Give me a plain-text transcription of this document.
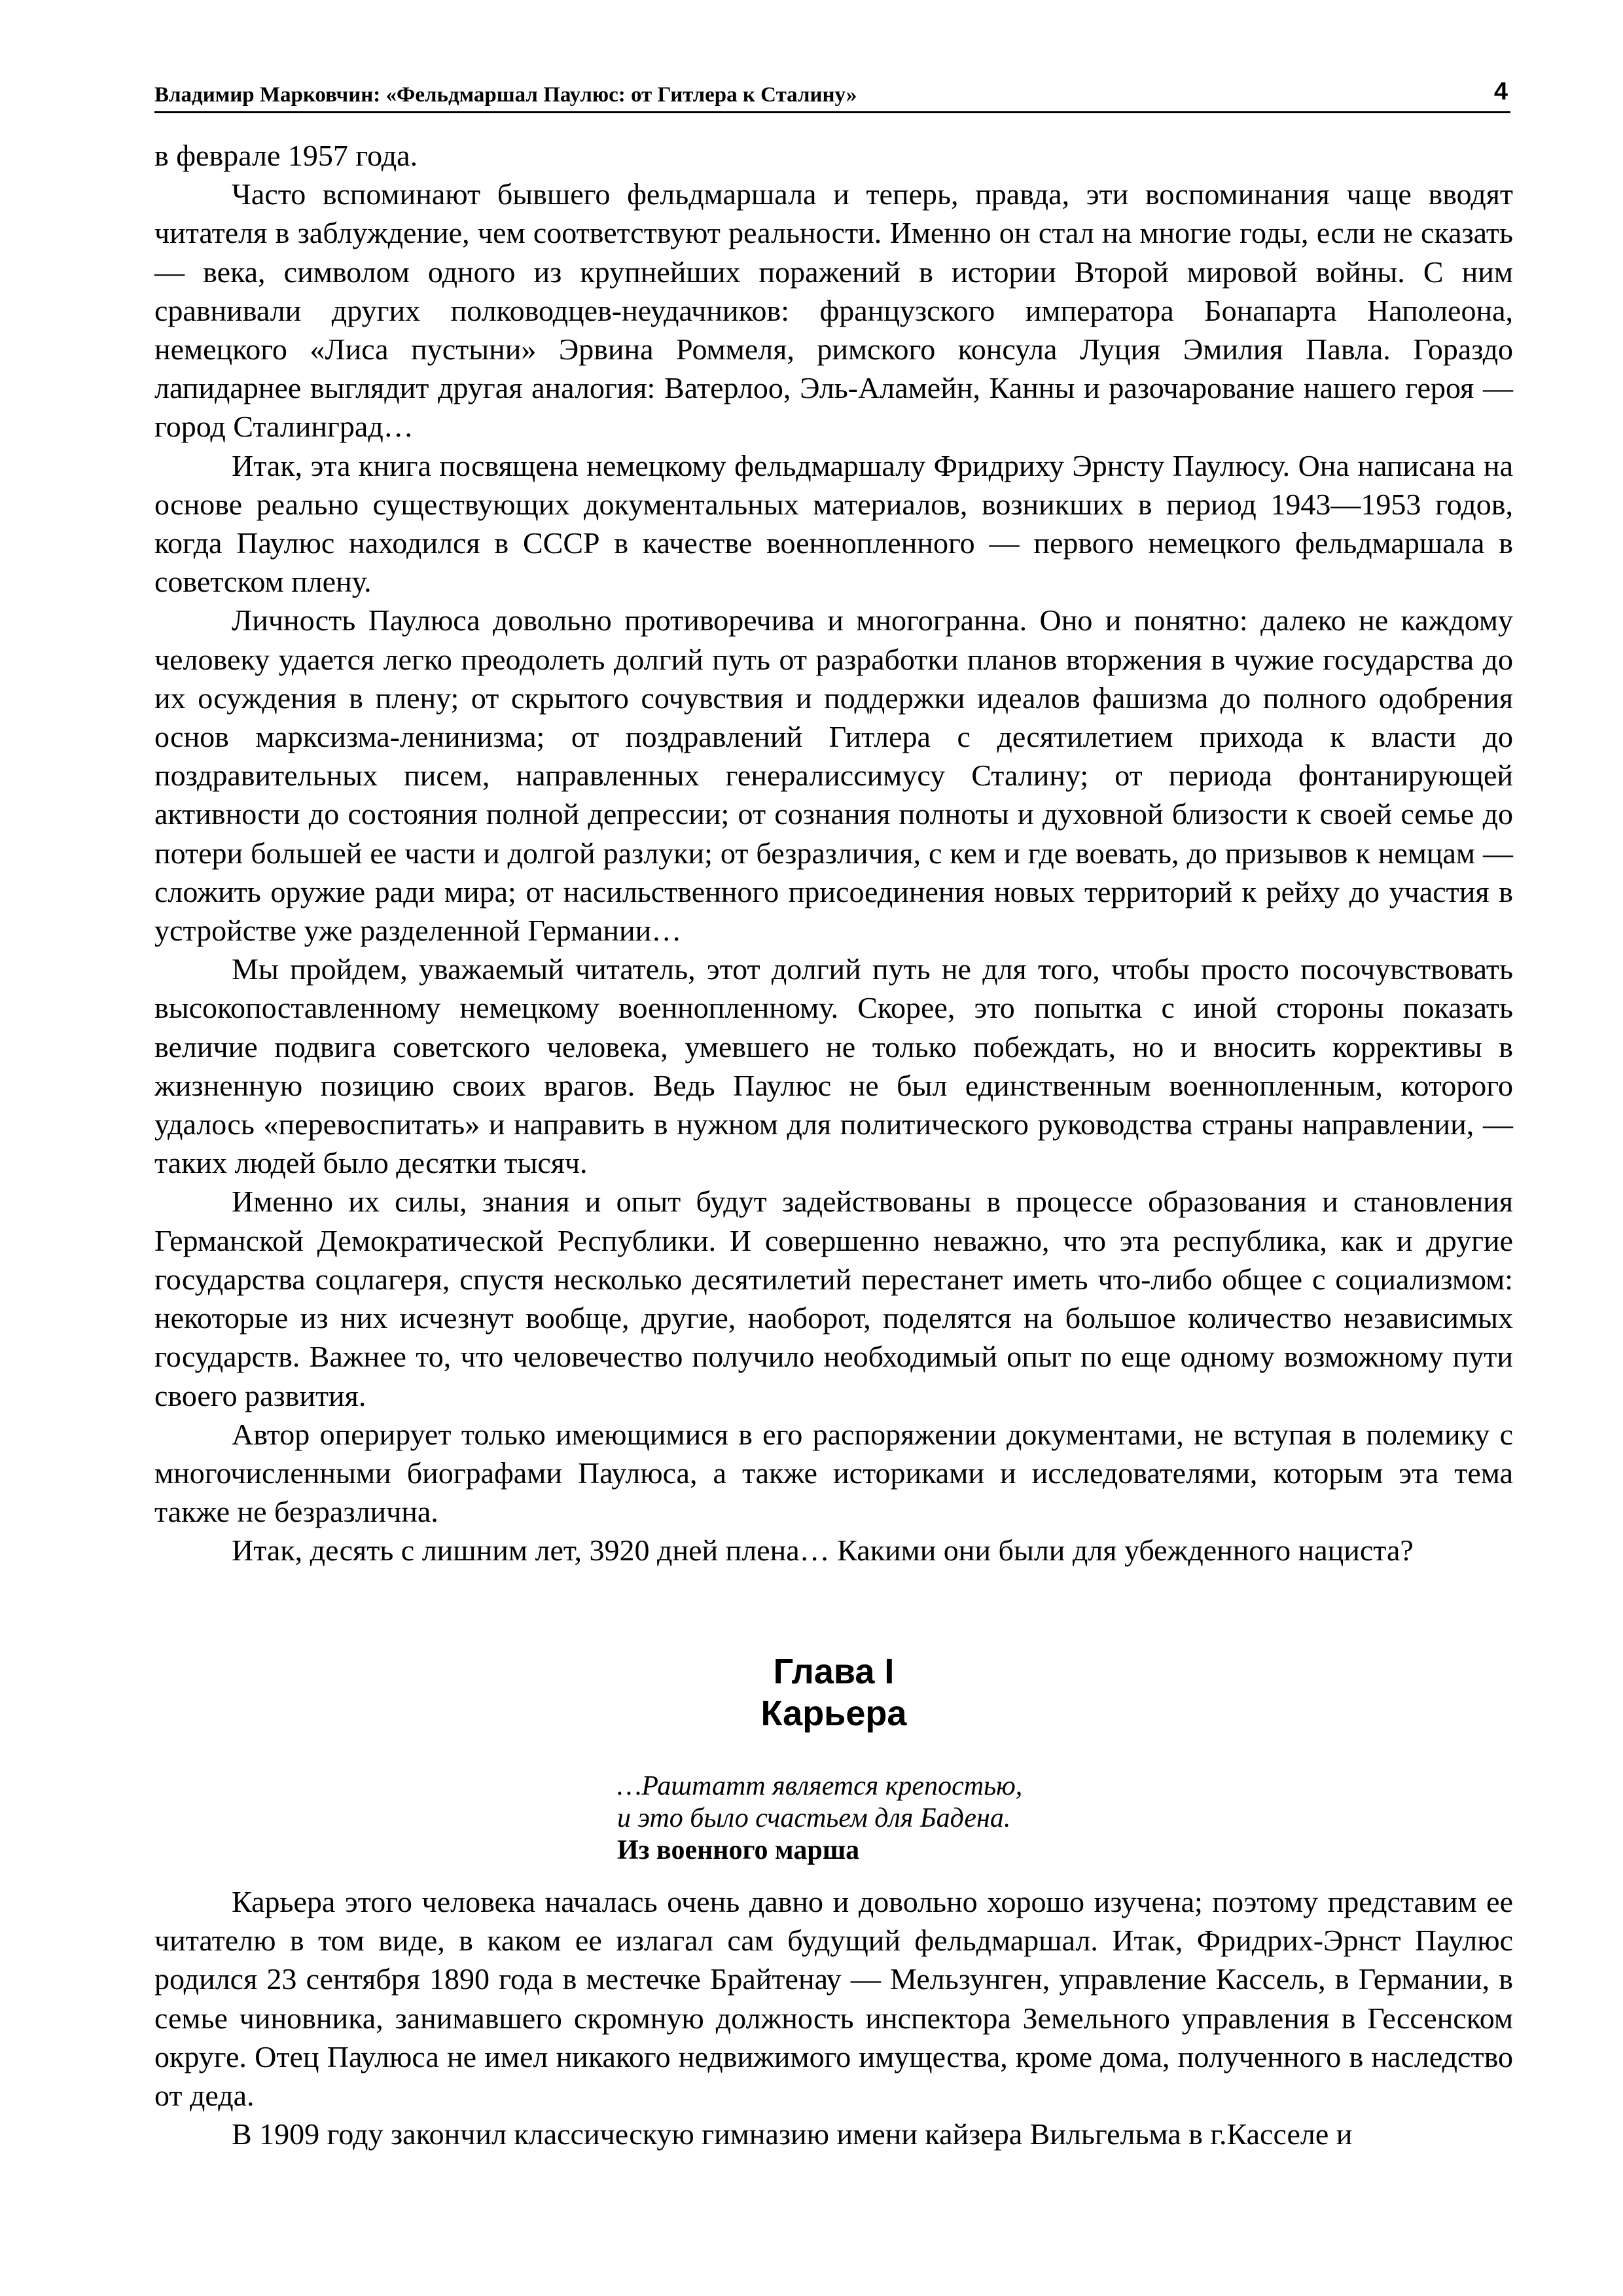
Владимир Марковчин: «Фельдмаршал Паулюс: от Гитлера к Сталину»	4

в феврале 1957 года.

Часто вспоминают бывшего фельдмаршала и теперь, правда, эти воспоминания чаще вводят читателя в заблуждение, чем соответствуют реальности. Именно он стал на многие годы, если не сказать — века, символом одного из крупнейших поражений в истории Второй мировой войны. С ним сравнивали других полководцев-неудачников: французского императора Бонапарта Наполеона, немецкого «Лиса пустыни» Эрвина Роммеля, римского консула Луция Эмилия Павла. Гораздо лапидарнее выглядит другая аналогия: Ватерлоо, Эль-Аламейн, Канны и разочарование нашего героя — город Сталинград…

Итак, эта книга посвящена немецкому фельдмаршалу Фридриху Эрнсту Паулюсу. Она написана на основе реально существующих документальных материалов, возникших в период 1943—1953 годов, когда Паулюс находился в СССР в качестве военнопленного — первого немецкого фельдмаршала в советском плену.

Личность Паулюса довольно противоречива и многогранна. Оно и понятно: далеко не каждому человеку удается легко преодолеть долгий путь от разработки планов вторжения в чужие государства до их осуждения в плену; от скрытого сочувствия и поддержки идеалов фашизма до полного одобрения основ марксизма-ленинизма; от поздравлений Гитлера с десятилетием прихода к власти до поздравительных писем, направленных генералиссимусу Сталину; от периода фонтанирующей активности до состояния полной депрессии; от сознания полноты и духовной близости к своей семье до потери большей ее части и долгой разлуки; от безразличия, с кем и где воевать, до призывов к немцам — сложить оружие ради мира; от насильственного присоединения новых территорий к рейху до участия в устройстве уже разделенной Германии…

Мы пройдем, уважаемый читатель, этот долгий путь не для того, чтобы просто посочувствовать высокопоставленному немецкому военнопленному. Скорее, это попытка с иной стороны показать величие подвига советского человека, умевшего не только побеждать, но и вносить коррективы в жизненную позицию своих врагов. Ведь Паулюс не был единственным военнопленным, которого удалось «перевоспитать» и направить в нужном для политического руководства страны направлении, — таких людей было десятки тысяч.

Именно их силы, знания и опыт будут задействованы в процессе образования и становления Германской Демократической Республики. И совершенно неважно, что эта республика, как и другие государства соцлагеря, спустя несколько десятилетий перестанет иметь что-либо общее с социализмом: некоторые из них исчезнут вообще, другие, наоборот, поделятся на большое количество независимых государств. Важнее то, что человечество получило необходимый опыт по еще одному возможному пути своего развития.

Автор оперирует только имеющимися в его распоряжении документами, не вступая в полемику с многочисленными биографами Паулюса, а также историками и исследователями, которым эта тема также не безразлична.

Итак, десять с лишним лет, 3920 дней плена… Какими они были для убежденного нациста?

Глава I
Карьера
…Раштатт является крепостью,
и это было счастьем для Бадена.
Из военного марша

Карьера этого человека началась очень давно и довольно хорошо изучена; поэтому представим ее читателю в том виде, в каком ее излагал сам будущий фельдмаршал. Итак, Фридрих-Эрнст Паулюс родился 23 сентября 1890 года в местечке Брайтенау — Мельзунген, управление Кассель, в Германии, в семье чиновника, занимавшего скромную должность инспектора Земельного управления в Гессенском округе. Отец Паулюса не имел никакого недвижимого имущества, кроме дома, полученного в наследство от деда.

В 1909 году закончил классическую гимназию имени кайзера Вильгельма в г.Касселе и
